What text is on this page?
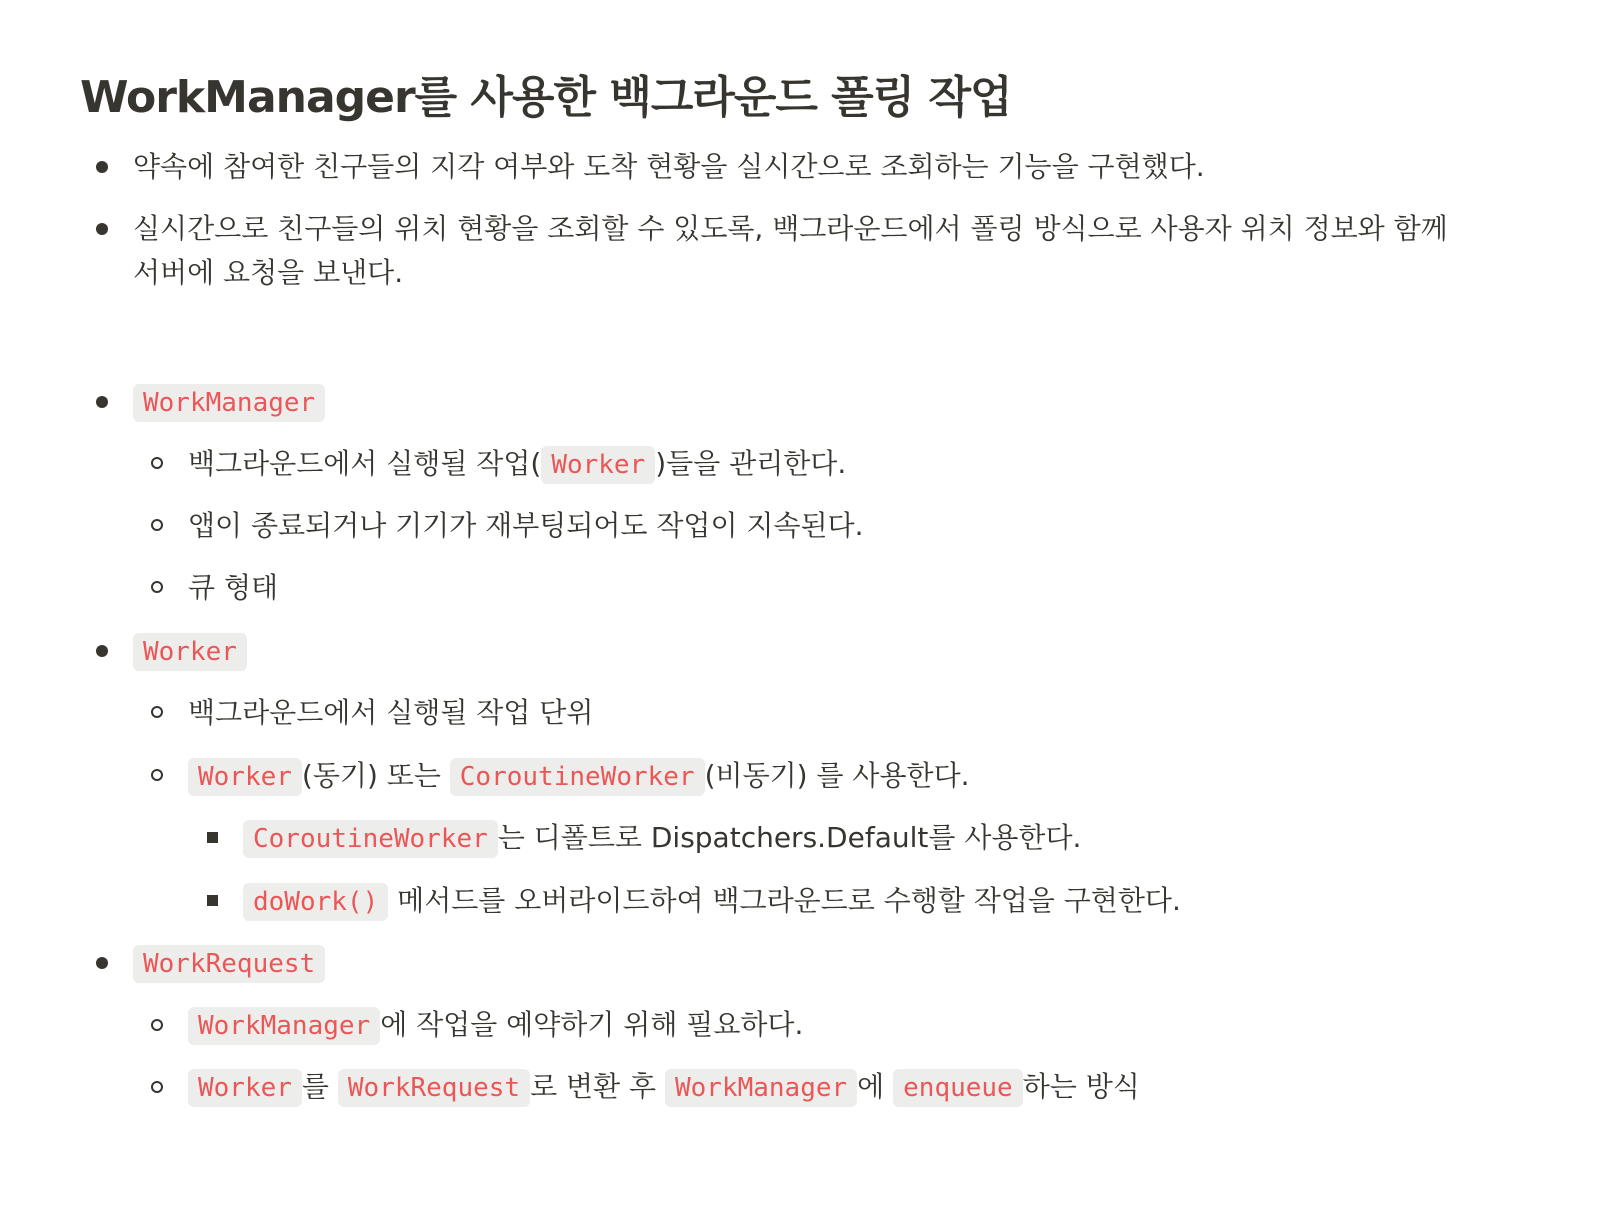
WorkManager를 사용한 백그라운드 폴링 작업
약속에 참여한 친구들의 지각 여부와 도착 현황을 실시간으로 조회하는 기능을 구현했다.
실시간으로 친구들의 위치 현황을 조회할 수 있도록, 백그라운드에서 폴링 방식으로 사용자 위치 정보와 함께
서버에 요청을 보낸다.
WorkManager
백그라운드에서 실행될 작업( Worker )들을 관리한다.
앱이 종료되거나 기기가 재부팅되어도 작업이 지속된다.
큐 형태
Worker
백그라운드에서 실행될 작업 단위
Worker (동기) 또는 CoroutineWorker (비동기) 를 사용한다.
CoroutineWorker 는 디폴트로 Dispatchers.Default를 사용한다.
doWork() 메서드를 오버라이드하여 백그라운드로 수행할 작업을 구현한다.
WorkRequest
WorkManager 에 작업을 예약하기 위해 필요하다.
Worker 를 WorkRequest 로 변환 후 WorkManager 에 enqueue 하는 방식
